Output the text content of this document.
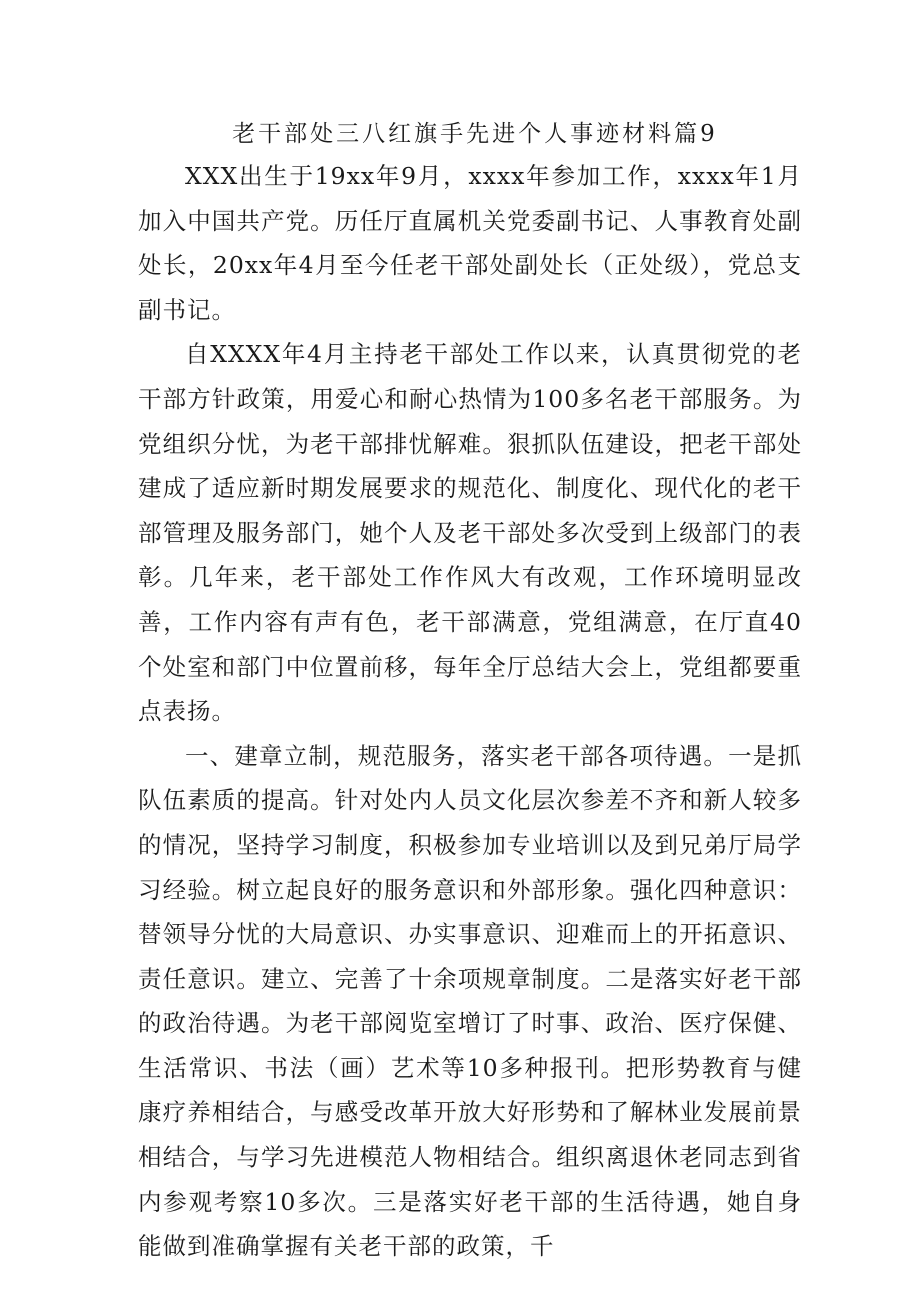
老干部处三八红旗手先进个人事迹材料篇9

XXX出生于19xx年9月，xxxx年参加工作，xxxx年1月加入中国共产党。历任厅直属机关党委副书记、人事教育处副处长，20xx年4月至今任老干部处副处长（正处级），党总支副书记。

自XXXX年4月主持老干部处工作以来，认真贯彻党的老干部方针政策，用爱心和耐心热情为100多名老干部服务。为党组织分忧，为老干部排忧解难。狠抓队伍建设，把老干部处建成了适应新时期发展要求的规范化、制度化、现代化的老干部管理及服务部门，她个人及老干部处多次受到上级部门的表彰。几年来，老干部处工作作风大有改观，工作环境明显改善，工作内容有声有色，老干部满意，党组满意，在厅直40个处室和部门中位置前移，每年全厅总结大会上，党组都要重点表扬。

一、建章立制，规范服务，落实老干部各项待遇。一是抓队伍素质的提高。针对处内人员文化层次参差不齐和新人较多的情况，坚持学习制度，积极参加专业培训以及到兄弟厅局学习经验。树立起良好的服务意识和外部形象。强化四种意识：替领导分忧的大局意识、办实事意识、迎难而上的开拓意识、责任意识。建立、完善了十余项规章制度。二是落实好老干部的政治待遇。为老干部阅览室增订了时事、政治、医疗保健、生活常识、书法（画）艺术等10多种报刊。把形势教育与健康疗养相结合，与感受改革开放大好形势和了解林业发展前景相结合，与学习先进模范人物相结合。组织离退休老同志到省内参观考察10多次。三是落实好老干部的生活待遇，她自身能做到准确掌握有关老干部的政策，千
